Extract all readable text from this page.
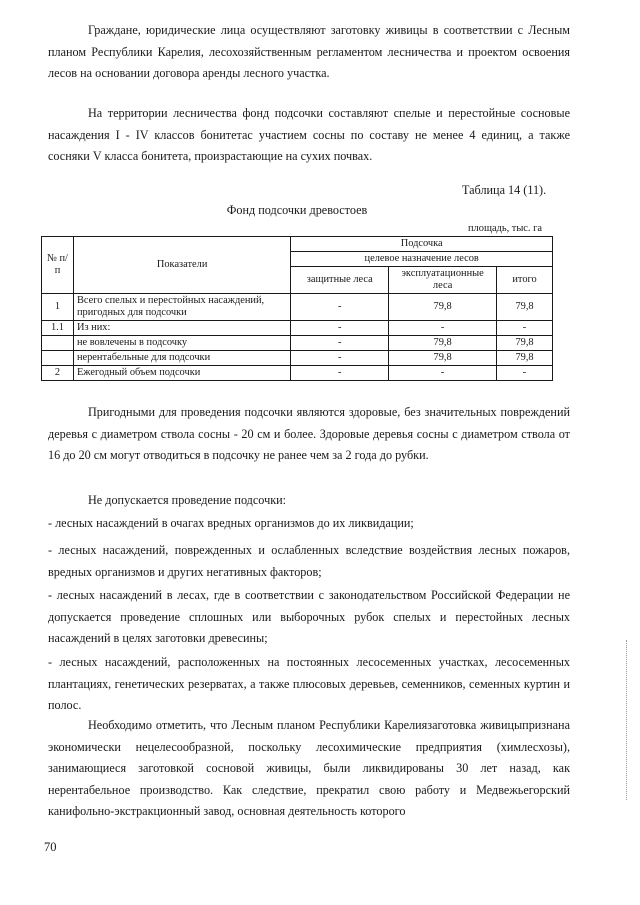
Граждане, юридические лица осуществляют заготовку живицы в соответствии с Лесным планом Республики Карелия, лесохозяйственным регламентом лесничества и проектом освоения лесов на основании договора аренды лесного участка.

На территории лесничества фонд подсочки составляют спелые и перестойные сосновые насаждения I - IV классов бонитетас участием сосны по составу не менее 4 единиц, а также сосняки V класса бонитета, произрастающие на сухих почвах.

Таблица 14 (11).
Фонд подсочки древостоев
площадь, тыс. га
№ п/п	Показатели	Подсочка		
		целевое назначение лесов		
		защитные леса	эксплуатационные леса	итого
1	Всего спелых и перестойных насаждений, пригодных для подсочки	-	79,8	79,8
1.1	Из них:	-	-	-
	не вовлечены в подсочку	-	79,8	79,8
	нерентабельные для подсочки	-	79,8	79,8
2	Ежегодный объем подсочки	-	-	-

Пригодными для проведения подсочки являются здоровые, без значительных повреждений деревья с диаметром ствола сосны - 20 см и более. Здоровые деревья сосны с диаметром ствола от 16 до 20 см могут отводиться в подсочку не ранее чем за 2 года до рубки.

Не допускается проведение подсочки:

- лесных насаждений в очагах вредных организмов до их ликвидации;

- лесных насаждений, поврежденных и ослабленных вследствие воздействия лесных пожаров, вредных организмов и других негативных факторов;

- лесных насаждений в лесах, где в соответствии с законодательством Российской Федерации не допускается проведение сплошных или выборочных рубок спелых и перестойных лесных насаждений в целях заготовки древесины;

- лесных насаждений, расположенных на постоянных лесосеменных участках, лесосеменных плантациях, генетических резерватах, а также плюсовых деревьев, семенников, семенных куртин и полос.

Необходимо отметить, что Лесным планом Республики Карелиязаготовка живицыпризнана экономически нецелесообразной, поскольку лесохимические предприятия (химлесхозы), занимающиеся заготовкой сосновой живицы, были ликвидированы 30 лет назад, как нерентабельное производство. Как следствие, прекратил свою работу и Медвежьегорский канифольно-экстракционный завод, основная деятельность которого

70
